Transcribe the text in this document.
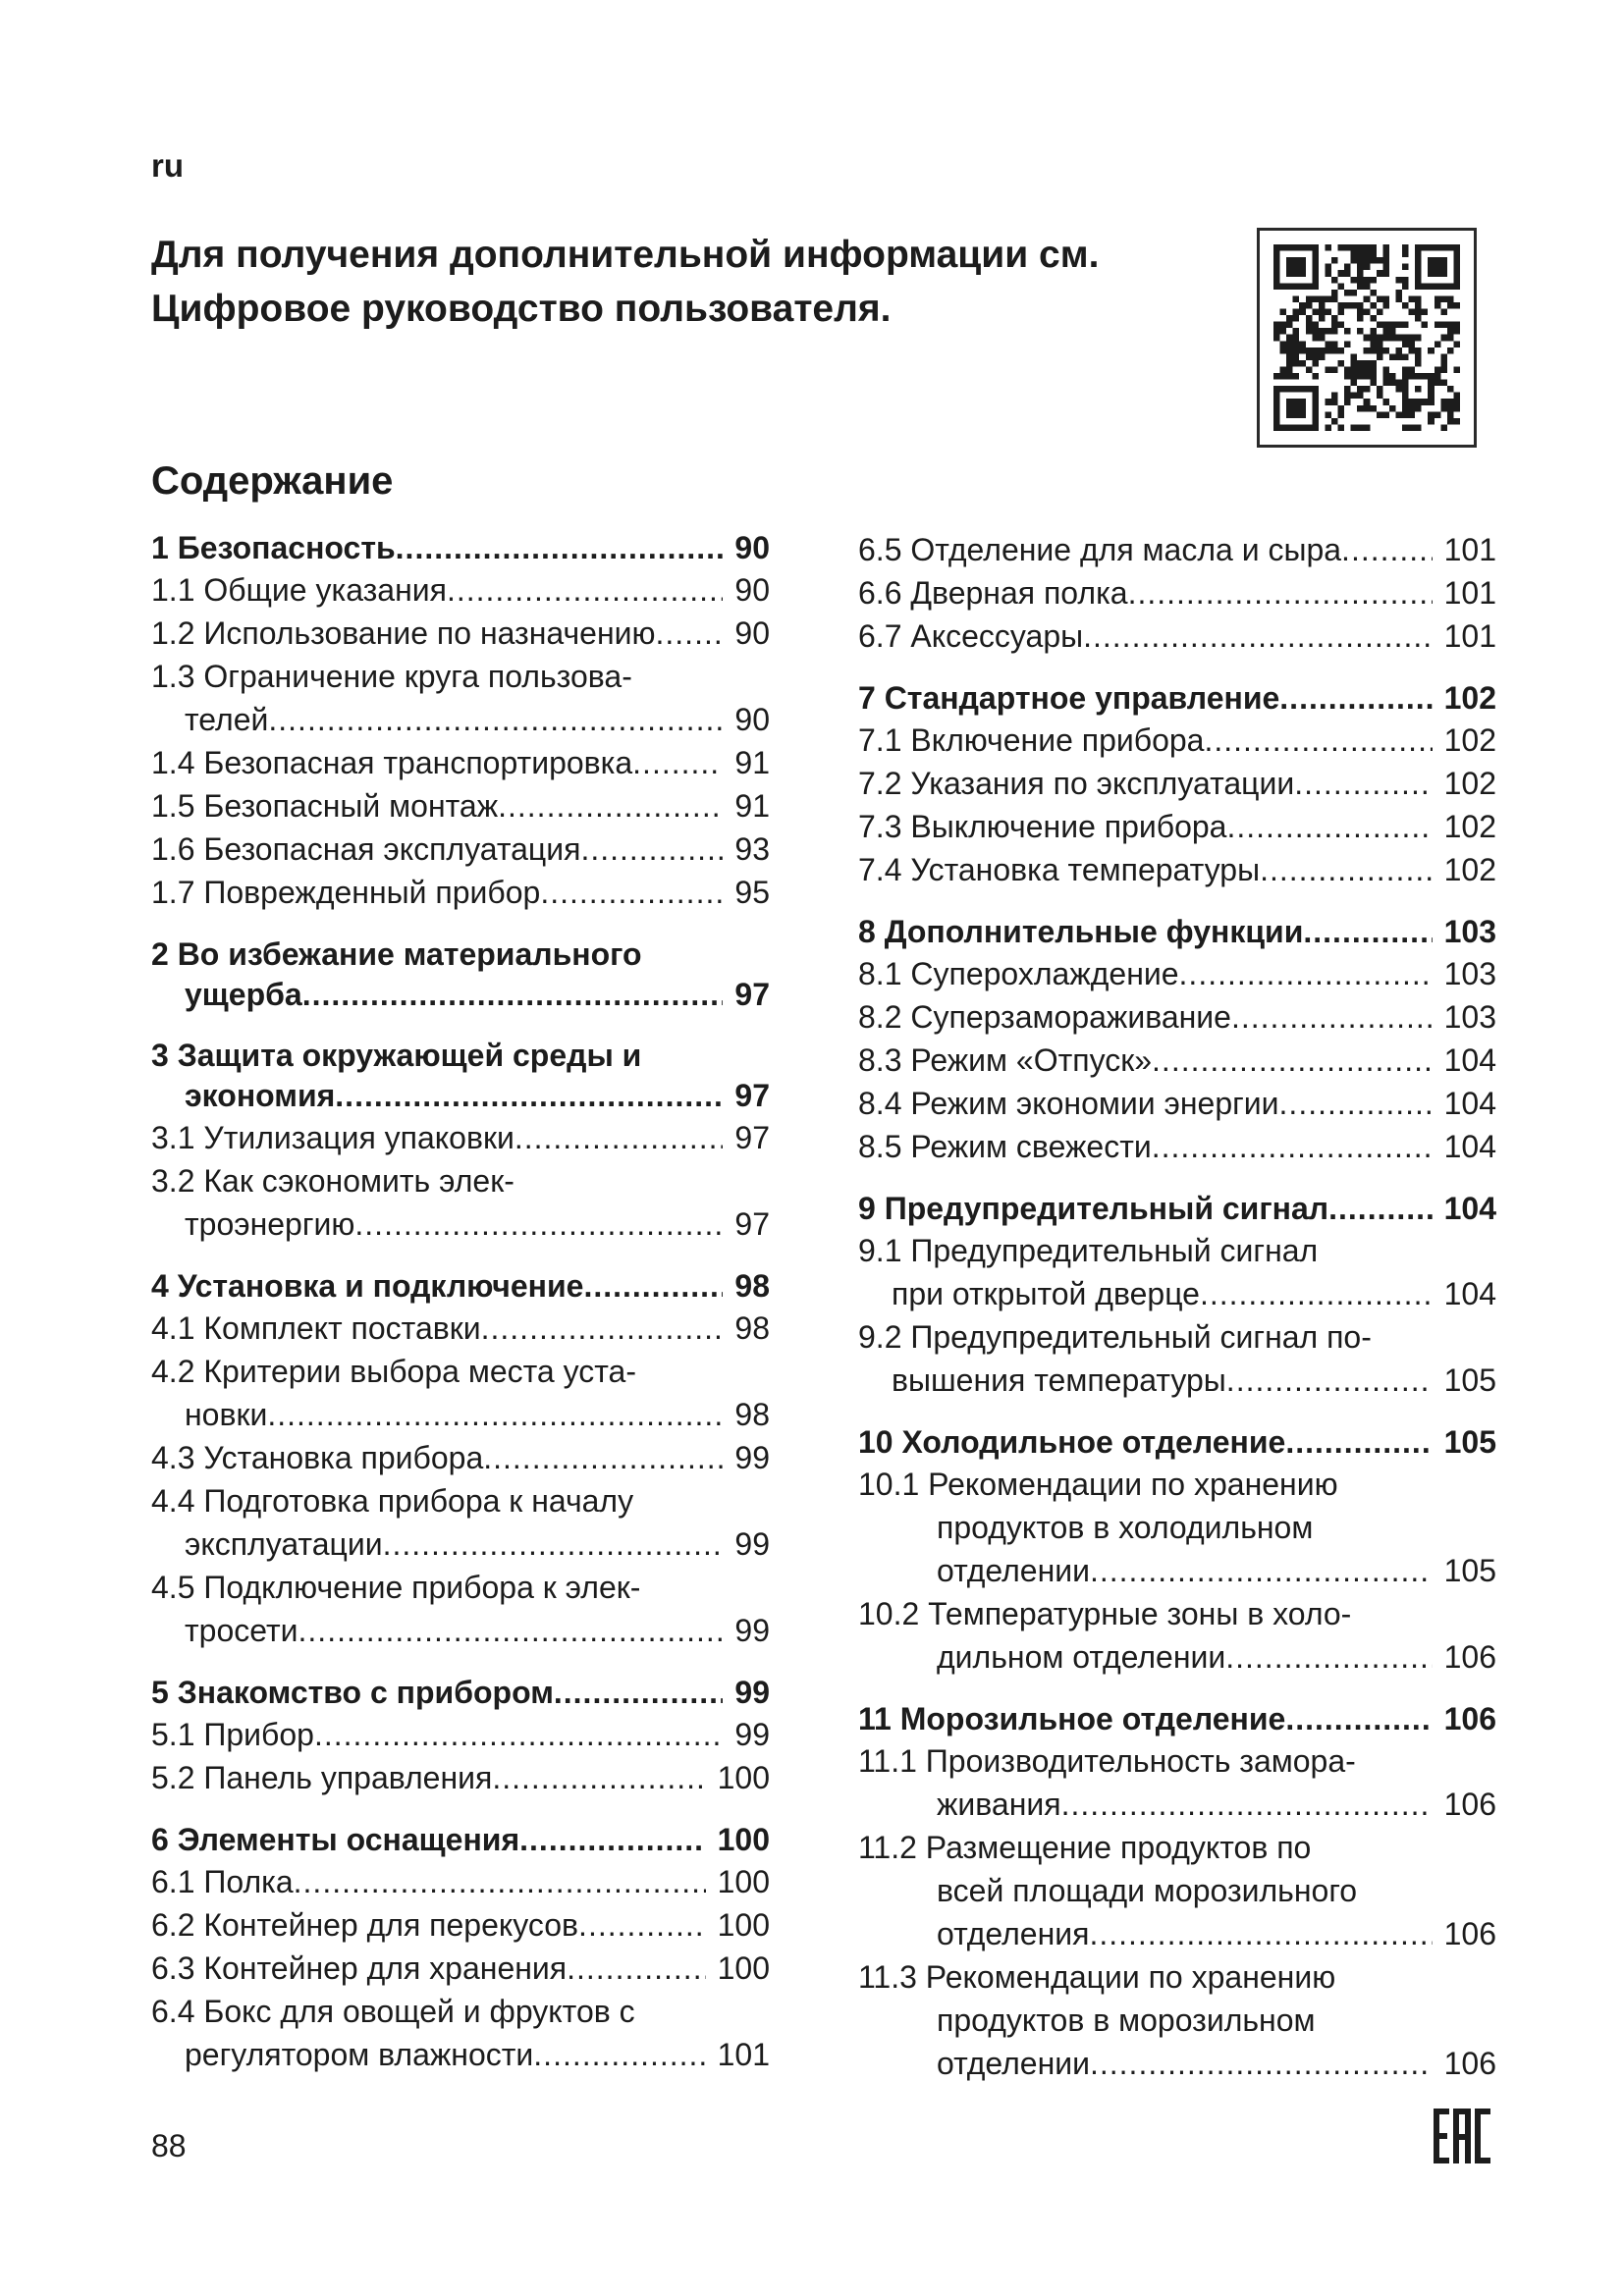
ru
Для получения дополнительной информации см.
Цифровое руководство пользователя.
Содержание
1 Безопасность .....	90
1.1 Общие указания .....	90
1.2 Использование по назначению .....	90
1.3 Ограничение круга пользова-
телей .....	90
1.4 Безопасная транспортировка .....	91
1.5 Безопасный монтаж .....	91
1.6 Безопасная эксплуатация .....	93
1.7 Поврежденный прибор .....	95
2 Во избежание материального
ущерба .....	97
3 Защита окружающей среды и
экономия .....	97
3.1 Утилизация упаковки .....	97
3.2 Как сэкономить элек-
троэнергию .....	97
4 Установка и подключение .....	98
4.1 Комплект поставки .....	98
4.2 Критерии выбора места уста-
новки .....	98
4.3 Установка прибора .....	99
4.4 Подготовка прибора к началу
эксплуатации .....	99
4.5 Подключение прибора к элек-
тросети .....	99
5 Знакомство с прибором .....	99
5.1 Прибор .....	99
5.2 Панель управления .....	100
6 Элементы оснащения .....	100
6.1 Полка .....	100
6.2 Контейнер для перекусов .....	100
6.3 Контейнер для хранения .....	100
6.4 Бокс для овощей и фруктов с
регулятором влажности .....	101
6.5 Отделение для масла и сыра .....	101
6.6 Дверная полка .....	101
6.7 Аксессуары .....	101
7 Стандартное управление .....	102
7.1 Включение прибора .....	102
7.2 Указания по эксплуатации .....	102
7.3 Выключение прибора .....	102
7.4 Установка температуры .....	102
8 Дополнительные функции .....	103
8.1 Суперохлаждение .....	103
8.2 Суперзамораживание .....	103
8.3 Режим «Отпуск» .....	104
8.4 Режим экономии энергии .....	104
8.5 Режим свежести .....	104
9 Предупредительный сигнал .....	104
9.1 Предупредительный сигнал
при открытой дверце .....	104
9.2 Предупредительный сигнал по-
вышения температуры .....	105
10 Холодильное отделение .....	105
10.1 Рекомендации по хранению
продуктов в холодильном
отделении .....	105
10.2 Температурные зоны в холо-
дильном отделении .....	106
11 Морозильное отделение .....	106
11.1 Производительность замора-
живания .....	106
11.2 Размещение продуктов по
всей площади морозильного
отделения .....	106
11.3 Рекомендации по хранению
продуктов в морозильном
отделении .....	106
88
